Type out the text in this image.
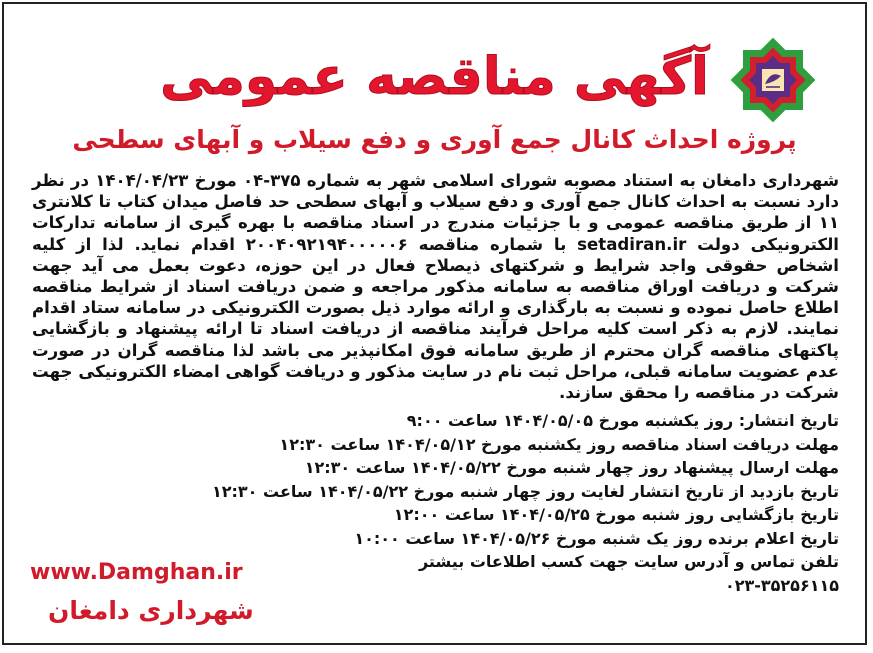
آگهی مناقصه عمومی
پروژه احداث کانال جمع آوری و دفع سیلاب و آبهای سطحی
شهرداری دامغان به استناد مصوبه شورای اسلامی شهر به شماره ۳۷۵-۰۴ مورخ ۱۴۰۴/۰۴/۲۳ در نظر دارد نسبت به احداث کانال جمع آوری و دفع سیلاب و آبهای سطحی حد فاصل میدان کتاب تا کلانتری ۱۱ از طریق مناقصه عمومی و با جزئیات مندرج در اسناد مناقصه با بهره گیری از سامانه تدارکات الکترونیکی دولت setadiran.ir با شماره مناقصه ۲۰۰۴۰۹۲۱۹۴۰۰۰۰۰۶ اقدام نماید. لذا از کلیه اشخاص حقوقی واجد شرایط و شرکتهای ذیصلاح فعال در این حوزه، دعوت بعمل می آید جهت شرکت و دریافت اوراق مناقصه به سامانه مذکور مراجعه و ضمن دریافت اسناد از شرایط مناقصه اطلاع حاصل نموده و نسبت به بارگذاری و ارائه موارد ذیل بصورت الکترونیکی در سامانه ستاد اقدام نمایند. لازم به ذکر است کلیه مراحل فرآیند مناقصه از دریافت اسناد تا ارائه پیشنهاد و بازگشایی پاکتهای مناقصه گران محترم از طریق سامانه فوق امکانپذیر می باشد لذا مناقصه گران در صورت عدم عضویت سامانه قبلی، مراحل ثبت نام در سایت مذکور و دریافت گواهی امضاء الکترونیکی جهت شرکت در مناقصه را محقق سازند.
تاریخ انتشار: روز یکشنبه مورخ ۱۴۰۴/۰۵/۰۵ ساعت ۹:۰۰
مهلت دریافت اسناد مناقصه روز یکشنبه مورخ ۱۴۰۴/۰۵/۱۲ ساعت ۱۲:۳۰
مهلت ارسال پیشنهاد روز چهار شنبه مورخ ۱۴۰۴/۰۵/۲۲ ساعت ۱۲:۳۰
تاریخ بازدید از تاریخ انتشار لغایت روز چهار شنبه مورخ ۱۴۰۴/۰۵/۲۲ ساعت ۱۲:۳۰
تاریخ بازگشایی روز شنبه مورخ ۱۴۰۴/۰۵/۲۵ ساعت ۱۲:۰۰
تاریخ اعلام برنده روز یک شنبه مورخ ۱۴۰۴/۰۵/۲۶ ساعت ۱۰:۰۰
تلفن تماس و آدرس سایت جهت کسب اطلاعات بیشتر
۰۲۳-۳۵۲۵۶۱۱۵
www.Damghan.ir
شهرداری دامغان
